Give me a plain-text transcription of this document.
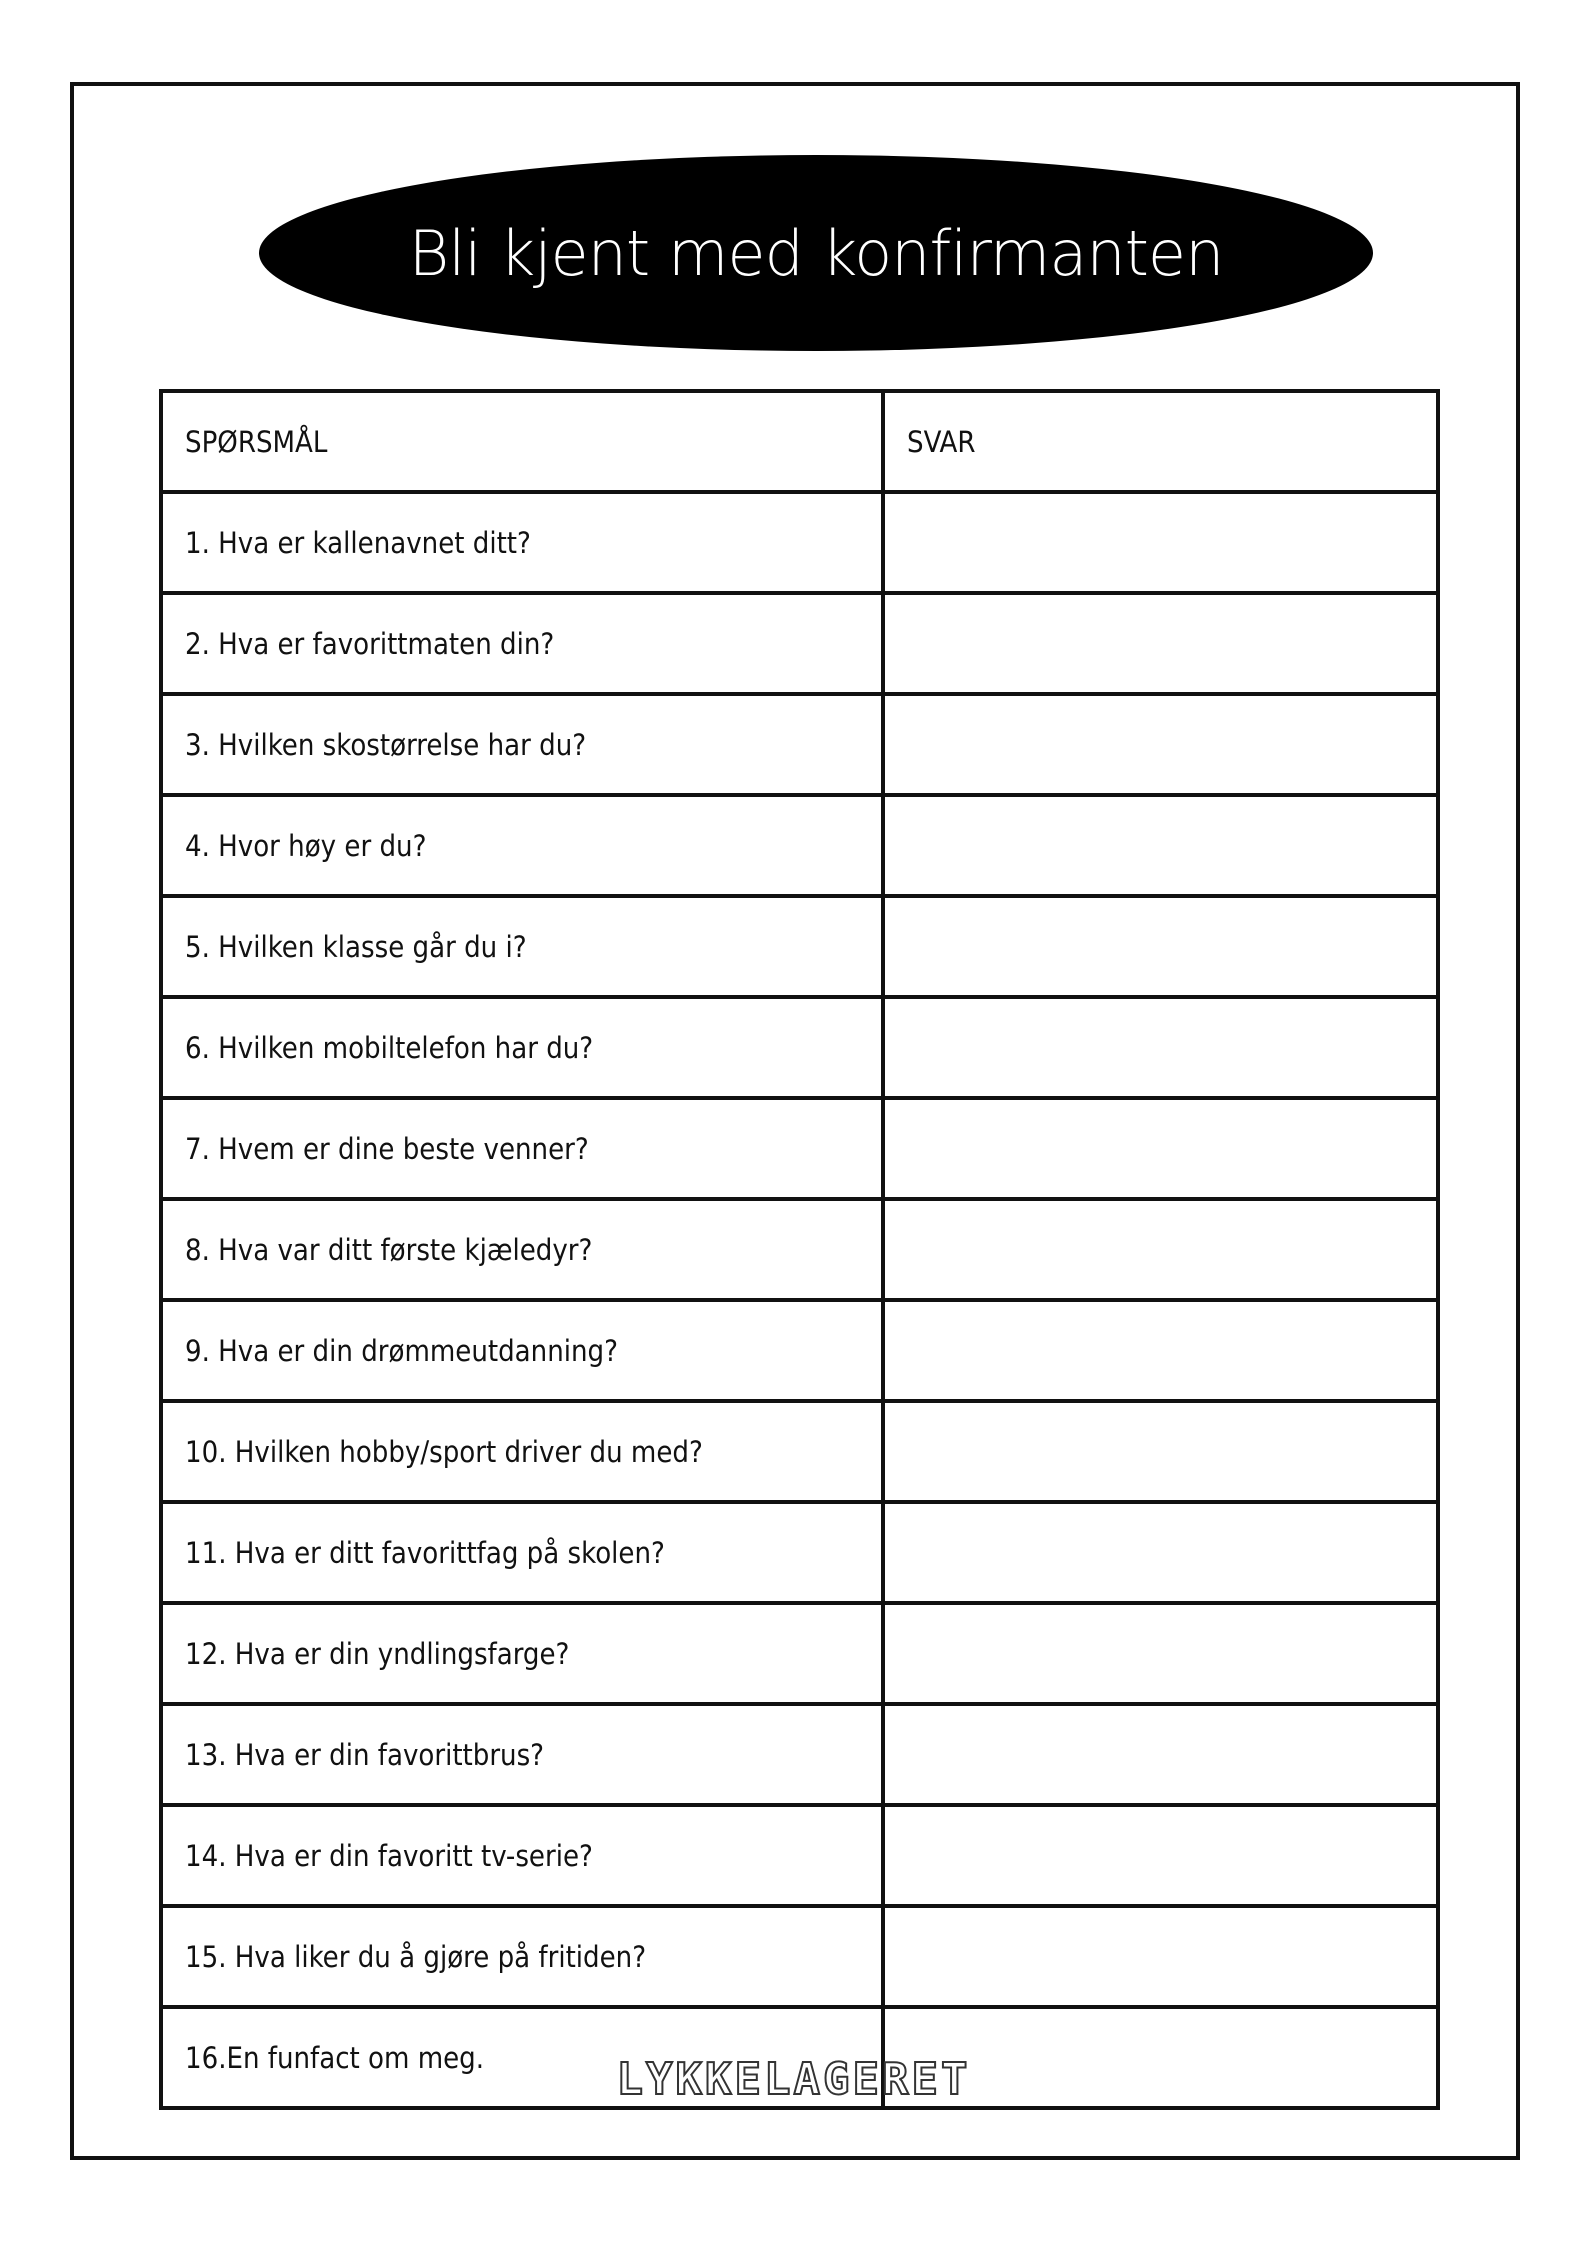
Bli kjent med konfirmanten
SPØRSMÅL	SVAR
1. Hva er kallenavnet ditt?	
2. Hva er favorittmaten din?	
3. Hvilken skostørrelse har du?	
4. Hvor høy er du?	
5. Hvilken klasse går du i?	
6. Hvilken mobiltelefon har du?	
7. Hvem er dine beste venner?	
8. Hva var ditt første kjæledyr?	
9. Hva er din drømmeutdanning?	
10. Hvilken hobby/sport driver du med?	
11. Hva er ditt favorittfag på skolen?	
12. Hva er din yndlingsfarge?	
13. Hva er din favorittbrus?	
14. Hva er din favoritt tv-serie?	
15. Hva liker du å gjøre på fritiden?	
16.En funfact om meg.		LYKKELAGERET
